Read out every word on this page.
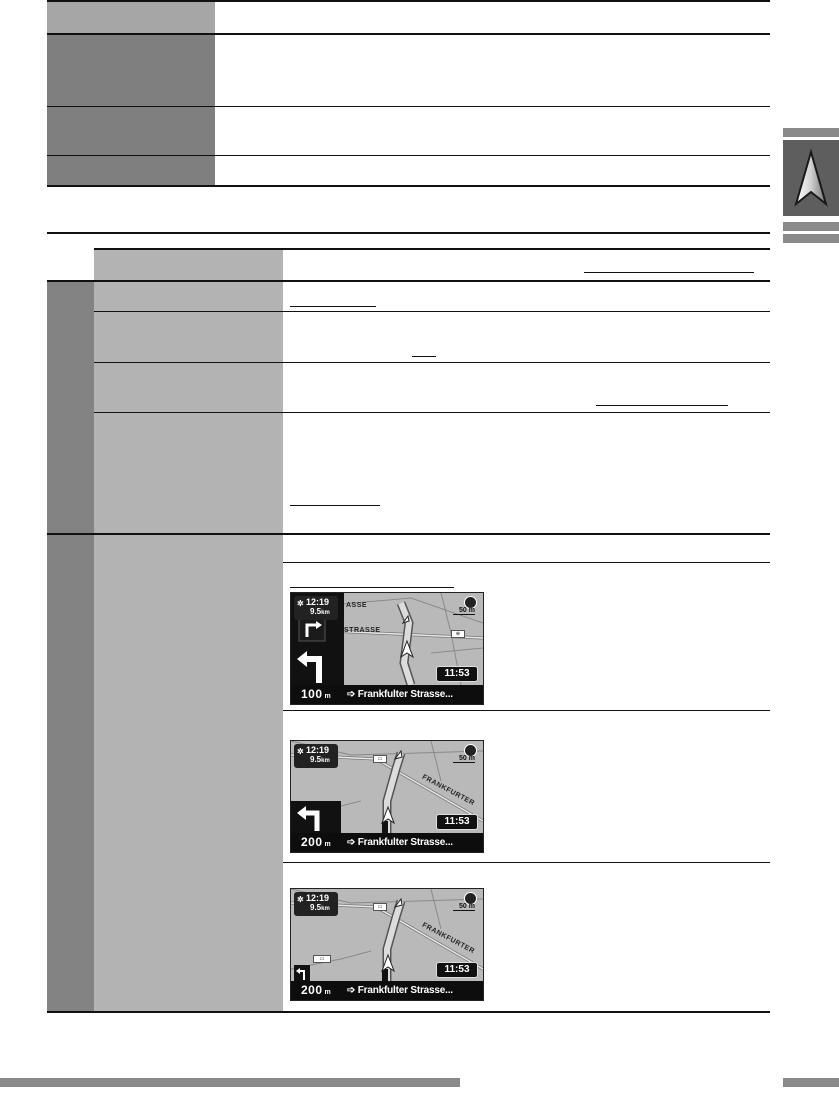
✲ 12:19
9.5km
ASSE
STRASSE	⊕
50 m
11:53
100 m ➩ Frankfulter Strasse...
✲ 12:19
9.5km	▭
FRANKFURTER
50 m
11:53
200 m ➩ Frankfulter Strasse...
✲ 12:19
9.5km	▭
▭
FRANKFURTER
50 m
11:53
200 m ➩ Frankfulter Strasse...
